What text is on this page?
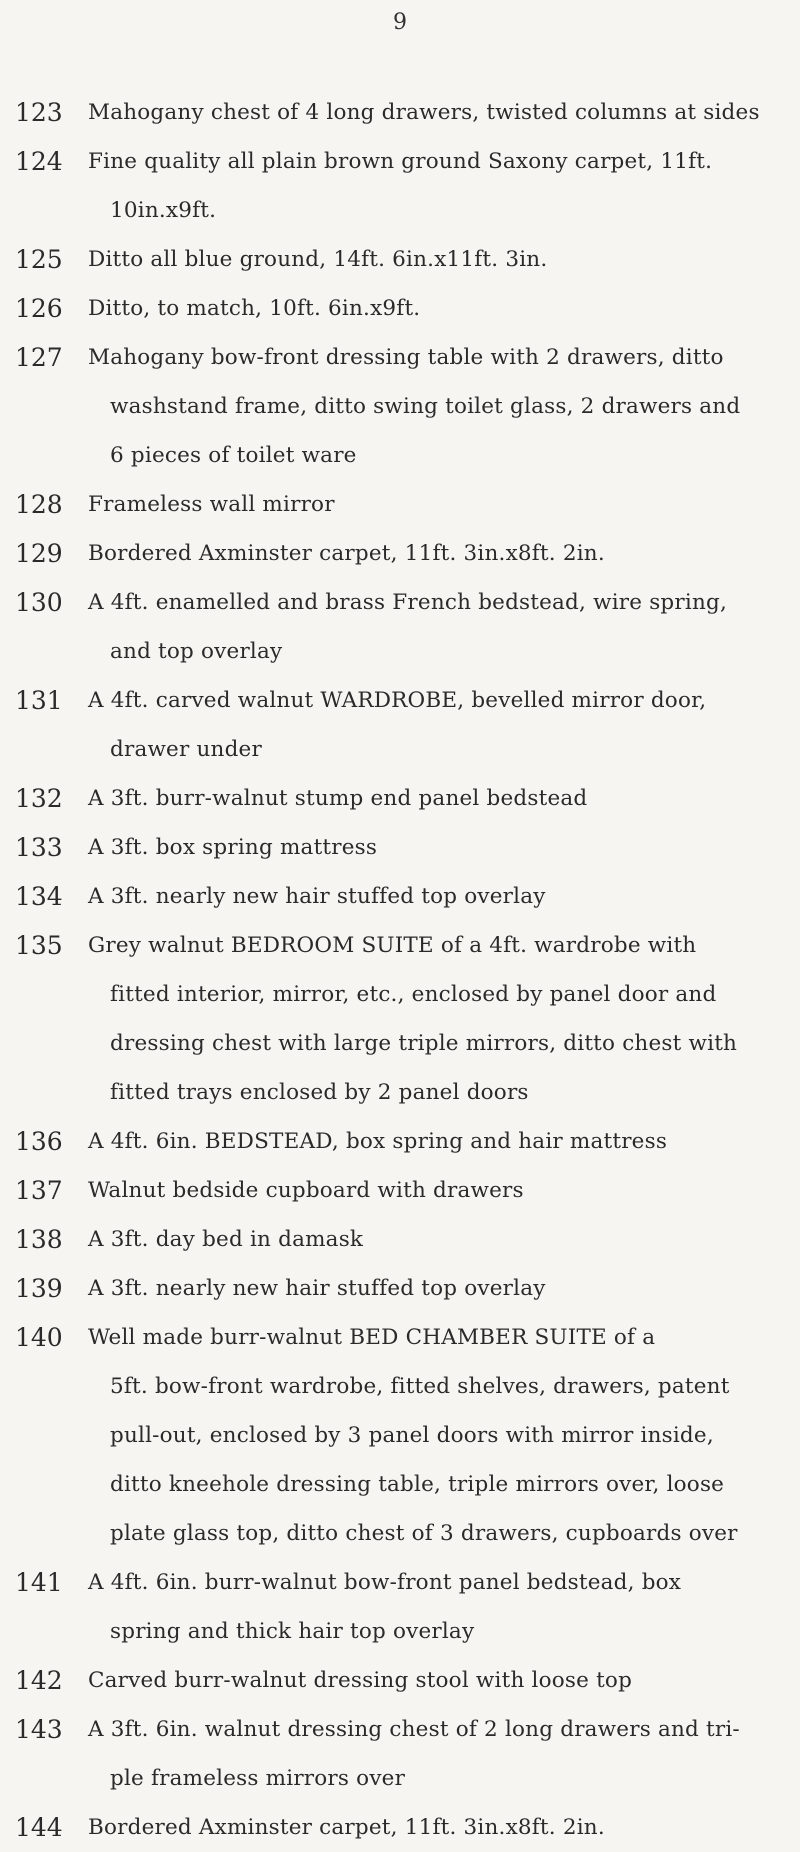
9
123	Mahogany chest of 4 long drawers, twisted columns at sides
124	Fine quality all plain brown ground Saxony carpet, 11ft.
10in.x9ft.
125	Ditto all blue ground, 14ft. 6in.x11ft. 3in.
126	Ditto, to match, 10ft. 6in.x9ft.
127	Mahogany bow-front dressing table with 2 drawers, ditto
washstand frame, ditto swing toilet glass, 2 drawers and
6 pieces of toilet ware
128	Frameless wall mirror
129	Bordered Axminster carpet, 11ft. 3in.x8ft. 2in.
130	A 4ft. enamelled and brass French bedstead, wire spring,
and top overlay
131	A 4ft. carved walnut WARDROBE, bevelled mirror door,
drawer under
132	A 3ft. burr-walnut stump end panel bedstead
133	A 3ft. box spring mattress
134	A 3ft. nearly new hair stuffed top overlay
135	Grey walnut BEDROOM SUITE of a 4ft. wardrobe with
fitted interior, mirror, etc., enclosed by panel door and
dressing chest with large triple mirrors, ditto chest with
fitted trays enclosed by 2 panel doors
136	A 4ft. 6in. BEDSTEAD, box spring and hair mattress
137	Walnut bedside cupboard with drawers
138	A 3ft. day bed in damask
139	A 3ft. nearly new hair stuffed top overlay
140	Well made burr-walnut BED CHAMBER SUITE of a
5ft. bow-front wardrobe, fitted shelves, drawers, patent
pull-out, enclosed by 3 panel doors with mirror inside,
ditto kneehole dressing table, triple mirrors over, loose
plate glass top, ditto chest of 3 drawers, cupboards over
141	A 4ft. 6in. burr-walnut bow-front panel bedstead, box
spring and thick hair top overlay
142	Carved burr-walnut dressing stool with loose top
143	A 3ft. 6in. walnut dressing chest of 2 long drawers and tri-
ple frameless mirrors over
144	Bordered Axminster carpet, 11ft. 3in.x8ft. 2in.
